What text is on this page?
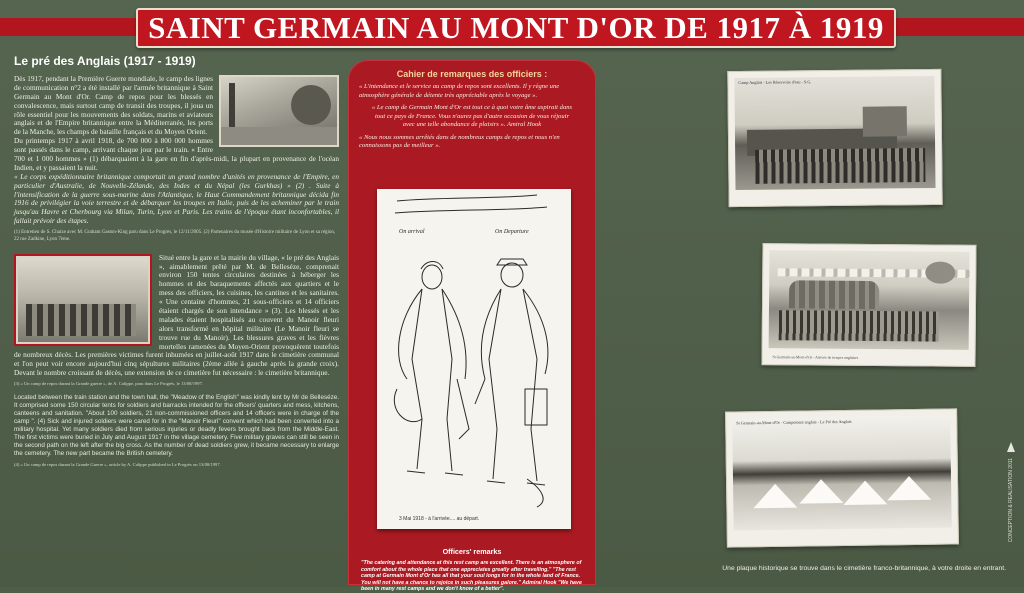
SAINT GERMAIN AU MONT D'OR DE 1917 À 1919
Le pré des Anglais (1917 - 1919)

Dès 1917, pendant la Première Guerre mondiale, le camp des lignes de communication n°2 a été installé par l'armée britannique à Saint Germain au Mont d'Or. Camp de repos pour les blessés en convalescence, mais surtout camp de transit des troupes, il joua un rôle essentiel pour les mouvements des soldats, marins et aviateurs anglais et de l'Empire britannique entre la Méditerranée, les ports de la Manche, les champs de bataille français et du Moyen Orient.

Du printemps 1917 à avril 1918, de 700 000 à 800 000 hommes sont passés dans le camp, arrivant chaque jour par le train. « Entre 700 et 1 000 hommes » (1) débarquaient à la gare en fin d'après-midi, la plupart en provenance de l'océan Indien, et y passaient la nuit.

« Le corps expéditionnaire britannique comportait un grand nombre d'unités en provenance de l'Empire, en particulier d'Australie, de Nouvelle-Zélande, des Indes et du Népal (les Gurkhas) » (2) . Suite à l'intensification de la guerre sous-marine dans l'Atlantique, le Haut Commandement britannique décida fin 1916 de privilégier la voie terrestre et de débarquer les troupes en Italie, puis de les acheminer par le train jusqu'au Havre et Cherbourg via Milan, Turin, Lyon et Paris. Les trains de l'époque étant inconfortables, il fallait prévoir des étapes.

(1) Entretien de S. Chaize avec M. Graham Gaston-King paru dans Le Progrès, le 12/11/2005. (2) Partenaires du musée d'Histoire militaire de Lyon et sa région, 22 rue Zadkine, Lyon 7ème.

Situé entre la gare et la mairie du village, « le pré des Anglais », aimablement prêté par M. de Belleséze, comprenait environ 150 tentes circulaires destinées à héberger les hommes et des baraquements affectés aux quartiers et le mess des officiers, les cuisines, les cantines et les sanitaires. « Une centaine d'hommes, 21 sous-officiers et 14 officiers étaient chargés de son intendance » (3). Les blessés et les malades étaient hospitalisés au couvent du Manoir fleuri alors transformé en hôpital militaire (Le Manoir fleuri se trouve rue du Manoir). Les blessures graves et les fièvres mortelles ramenées du Moyen-Orient provoquèrent toutefois de nombreux décès. Les premières victimes furent inhumées en juillet-août 1917 dans le cimetière communal et l'on peut voir encore aujourd'hui cinq sépultures militaires (2ème allée à gauche après la grande croix). Devant le nombre croissant de décès, une extension de ce cimetière fut nécessaire : le cimetière britannique.

(3) « Un camp de repos durant la Grande guerre », de A. Calippe, paru dans Le Progrès, le 13/08/1997.
Located between the train station and the town hall, the "Meadow of the English" was kindly lent by Mr de Belleséze. It comprised some 150 circular tents for soldiers and barracks intended for the officers' quarters and mess, kitchens, canteens and sanitation. "About 100 soldiers, 21 non-commissioned officers and 14 officers were in charge of the camp ". (4) Sick and injured soldiers were cared for in the "Manoir Fleuri" convent which had been converted into a military hospital. Yet many soldiers died from serious injuries or deadly fevers brought back from the Middle-East. The first victims were buried in July and August 1917 in the village cemetery. Five military graves can still be seen in the second path on the left after the big cross. As the number of dead soldiers grew, it became necessary to enlarge the cemetery. The new part became the British cemetery.
(4) « Un camp de repos durant la Grande Guerre », article by A. Calippe published in Le Progrès on 13/08/1997.
Cahier de remarques des officiers :
« L'intendance et le service au camp de repos sont excellents. Il y règne une atmosphère générale de détente très appréciable après le voyage ».
« Le camp de Germain Mont d'Or est tout ce à quoi votre âme aspirait dans tout ce pays de France. Vous n'aurez pas d'autre occasion de vous réjouir avec une telle abondance de plaisirs ». Amiral Hook
« Nous nous sommes arrêtés dans de nombreux camps de repos et nous n'en connaissons pas de meilleur ».
On arrival	On Departure
3 Mai 1918 - à l'arrivée.... au départ.
Officers' remarks
"The catering and attendance at this rest camp are excellent. There is an atmosphere of comfort about the whole place that one appreciates greatly after travelling." "The rest camp at Germain Mont d'Or has all that your soul longs for in the whole land of France. You will not have a chance to rejoice in such pleasures galore." Admiral Hook "We have been in many rest camps and we don't know of a better".
Camp Anglais - Les Réservoirs d'eau - S.G.
St Germain-au-Mont-d'Or - Arrivée de troupes anglaises
St Germain-au-Mont-d'Or - Campement anglais - Le Pré des Anglais
Une plaque historique se trouve dans le cimetière franco-britannique, à votre droite en entrant.
CONCEPTION & REALISATION 2011
